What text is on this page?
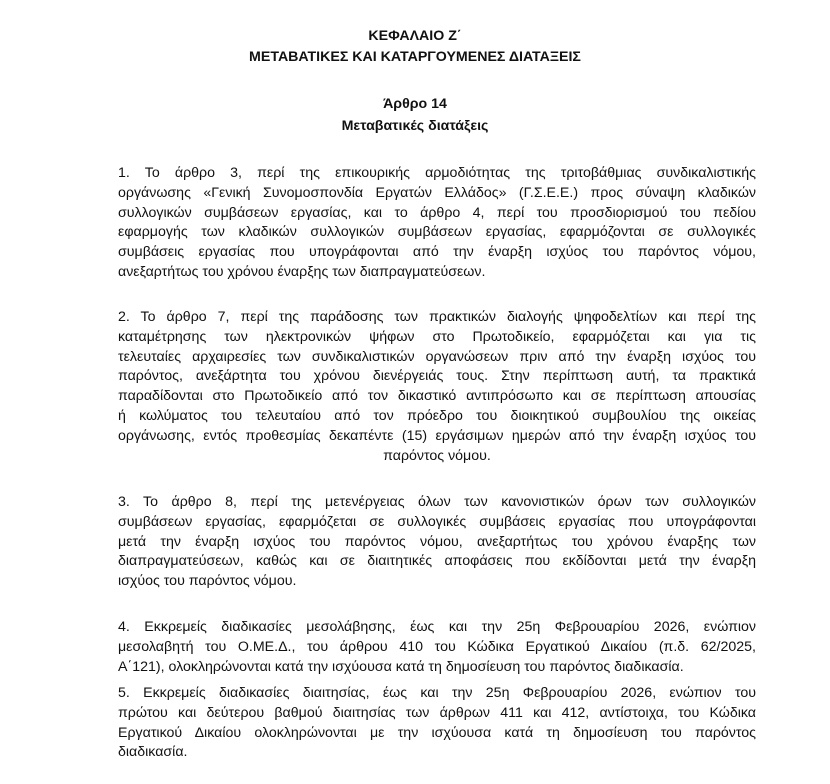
ΚΕΦΑΛΑΙΟ Ζ΄
ΜΕΤΑΒΑΤΙΚΕΣ ΚΑΙ ΚΑΤΑΡΓΟΥΜΕΝΕΣ ΔΙΑΤΑΞΕΙΣ
Άρθρο 14
Μεταβατικές διατάξεις
1. Το άρθρο 3, περί της επικουρικής αρμοδιότητας της τριτοβάθμιας συνδικαλιστικής
οργάνωσης «Γενική Συνομοσπονδία Εργατών Ελλάδος» (Γ.Σ.Ε.Ε.) προς σύναψη κλαδικών
συλλογικών συμβάσεων εργασίας, και το άρθρο 4, περί του προσδιορισμού του πεδίου
εφαρμογής των κλαδικών συλλογικών συμβάσεων εργασίας, εφαρμόζονται σε συλλογικές
συμβάσεις εργασίας που υπογράφονται από την έναρξη ισχύος του παρόντος νόμου,
ανεξαρτήτως του χρόνου έναρξης των διαπραγματεύσεων.
2. Το άρθρο 7, περί της παράδοσης των πρακτικών διαλογής ψηφοδελτίων και περί της
καταμέτρησης των ηλεκτρονικών ψήφων στο Πρωτοδικείο, εφαρμόζεται και για τις
τελευταίες αρχαιρεσίες των συνδικαλιστικών οργανώσεων πριν από την έναρξη ισχύος του
παρόντος, ανεξάρτητα του χρόνου διενέργειάς τους. Στην περίπτωση αυτή, τα πρακτικά
παραδίδονται στο Πρωτοδικείο από τον δικαστικό αντιπρόσωπο και σε περίπτωση απουσίας
ή κωλύματος του τελευταίου από τον πρόεδρο του διοικητικού συμβουλίου της οικείας
οργάνωσης, εντός προθεσμίας δεκαπέντε (15) εργάσιμων ημερών από την έναρξη ισχύος του
παρόντος νόμου.
3. Το άρθρο 8, περί της μετενέργειας όλων των κανονιστικών όρων των συλλογικών
συμβάσεων εργασίας, εφαρμόζεται σε συλλογικές συμβάσεις εργασίας που υπογράφονται
μετά την έναρξη ισχύος του παρόντος νόμου, ανεξαρτήτως του χρόνου έναρξης των
διαπραγματεύσεων, καθώς και σε διαιτητικές αποφάσεις που εκδίδονται μετά την έναρξη
ισχύος του παρόντος νόμου.
4. Εκκρεμείς διαδικασίες μεσολάβησης, έως και την 25η Φεβρουαρίου 2026, ενώπιον
μεσολαβητή του Ο.ΜΕ.Δ., του άρθρου 410 του Κώδικα Εργατικού Δικαίου (π.δ. 62/2025,
Α΄121), ολοκληρώνονται κατά την ισχύουσα κατά τη δημοσίευση του παρόντος διαδικασία.
5. Εκκρεμείς διαδικασίες διαιτησίας, έως και την 25η Φεβρουαρίου 2026, ενώπιον του
πρώτου και δεύτερου βαθμού διαιτησίας των άρθρων 411 και 412, αντίστοιχα, του Κώδικα
Εργατικού Δικαίου ολοκληρώνονται με την ισχύουσα κατά τη δημοσίευση του παρόντος
διαδικασία.
